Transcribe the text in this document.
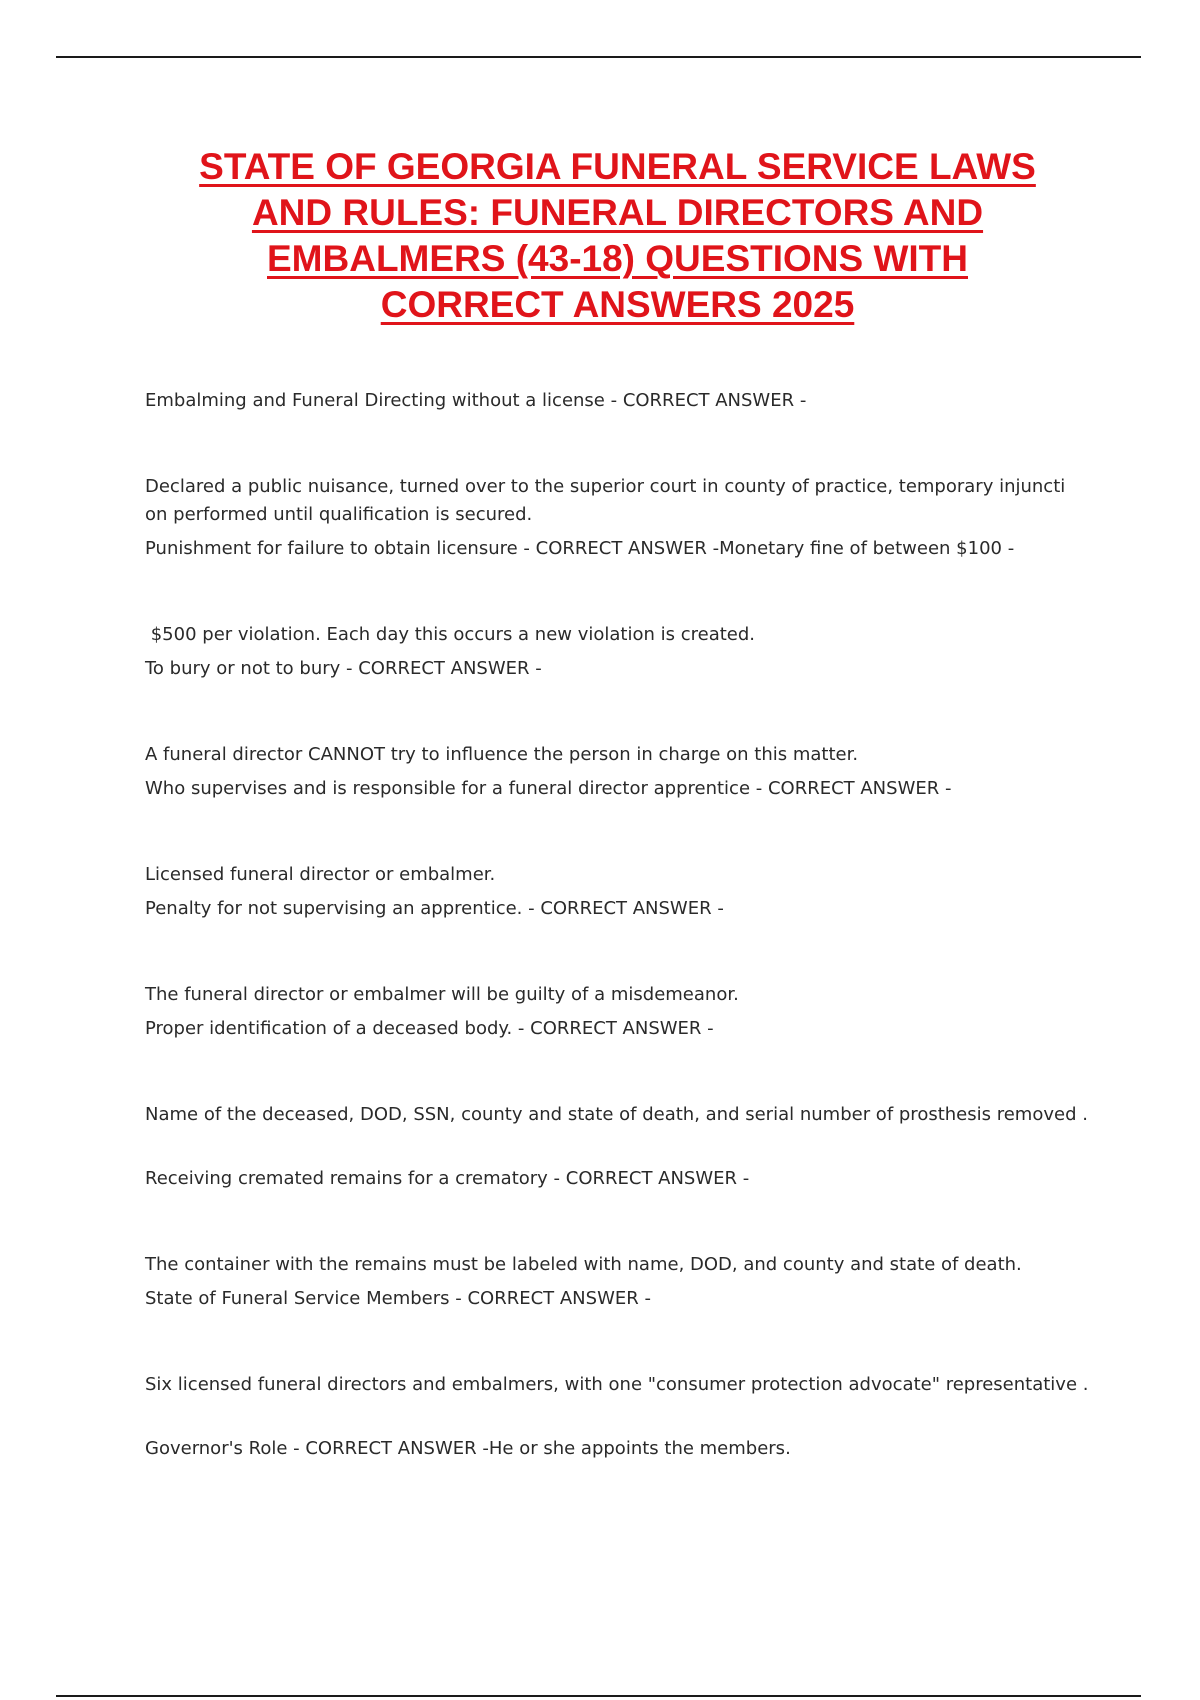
STATE OF GEORGIA FUNERAL SERVICE LAWS
AND RULES: FUNERAL DIRECTORS AND
EMBALMERS (43-18) QUESTIONS WITH
CORRECT ANSWERS 2025

Embalming and Funeral Directing without a license - CORRECT ANSWER -

Declared a public nuisance, turned over to the superior court in county of practice, temporary injuncti on performed until qualification is secured.

Punishment for failure to obtain licensure - CORRECT ANSWER -Monetary fine of between $100 -

$500 per violation. Each day this occurs a new violation is created.

To bury or not to bury - CORRECT ANSWER -

A funeral director CANNOT try to influence the person in charge on this matter.

Who supervises and is responsible for a funeral director apprentice - CORRECT ANSWER -

Licensed funeral director or embalmer.

Penalty for not supervising an apprentice. - CORRECT ANSWER -

The funeral director or embalmer will be guilty of a misdemeanor.

Proper identification of a deceased body. - CORRECT ANSWER -

Name of the deceased, DOD, SSN, county and state of death, and serial number of prosthesis removed .

Receiving cremated remains for a crematory - CORRECT ANSWER -

The container with the remains must be labeled with name, DOD, and county and state of death.

State of Funeral Service Members - CORRECT ANSWER -

Six licensed funeral directors and embalmers, with one "consumer protection advocate" representative .

Governor's Role - CORRECT ANSWER -He or she appoints the members.
